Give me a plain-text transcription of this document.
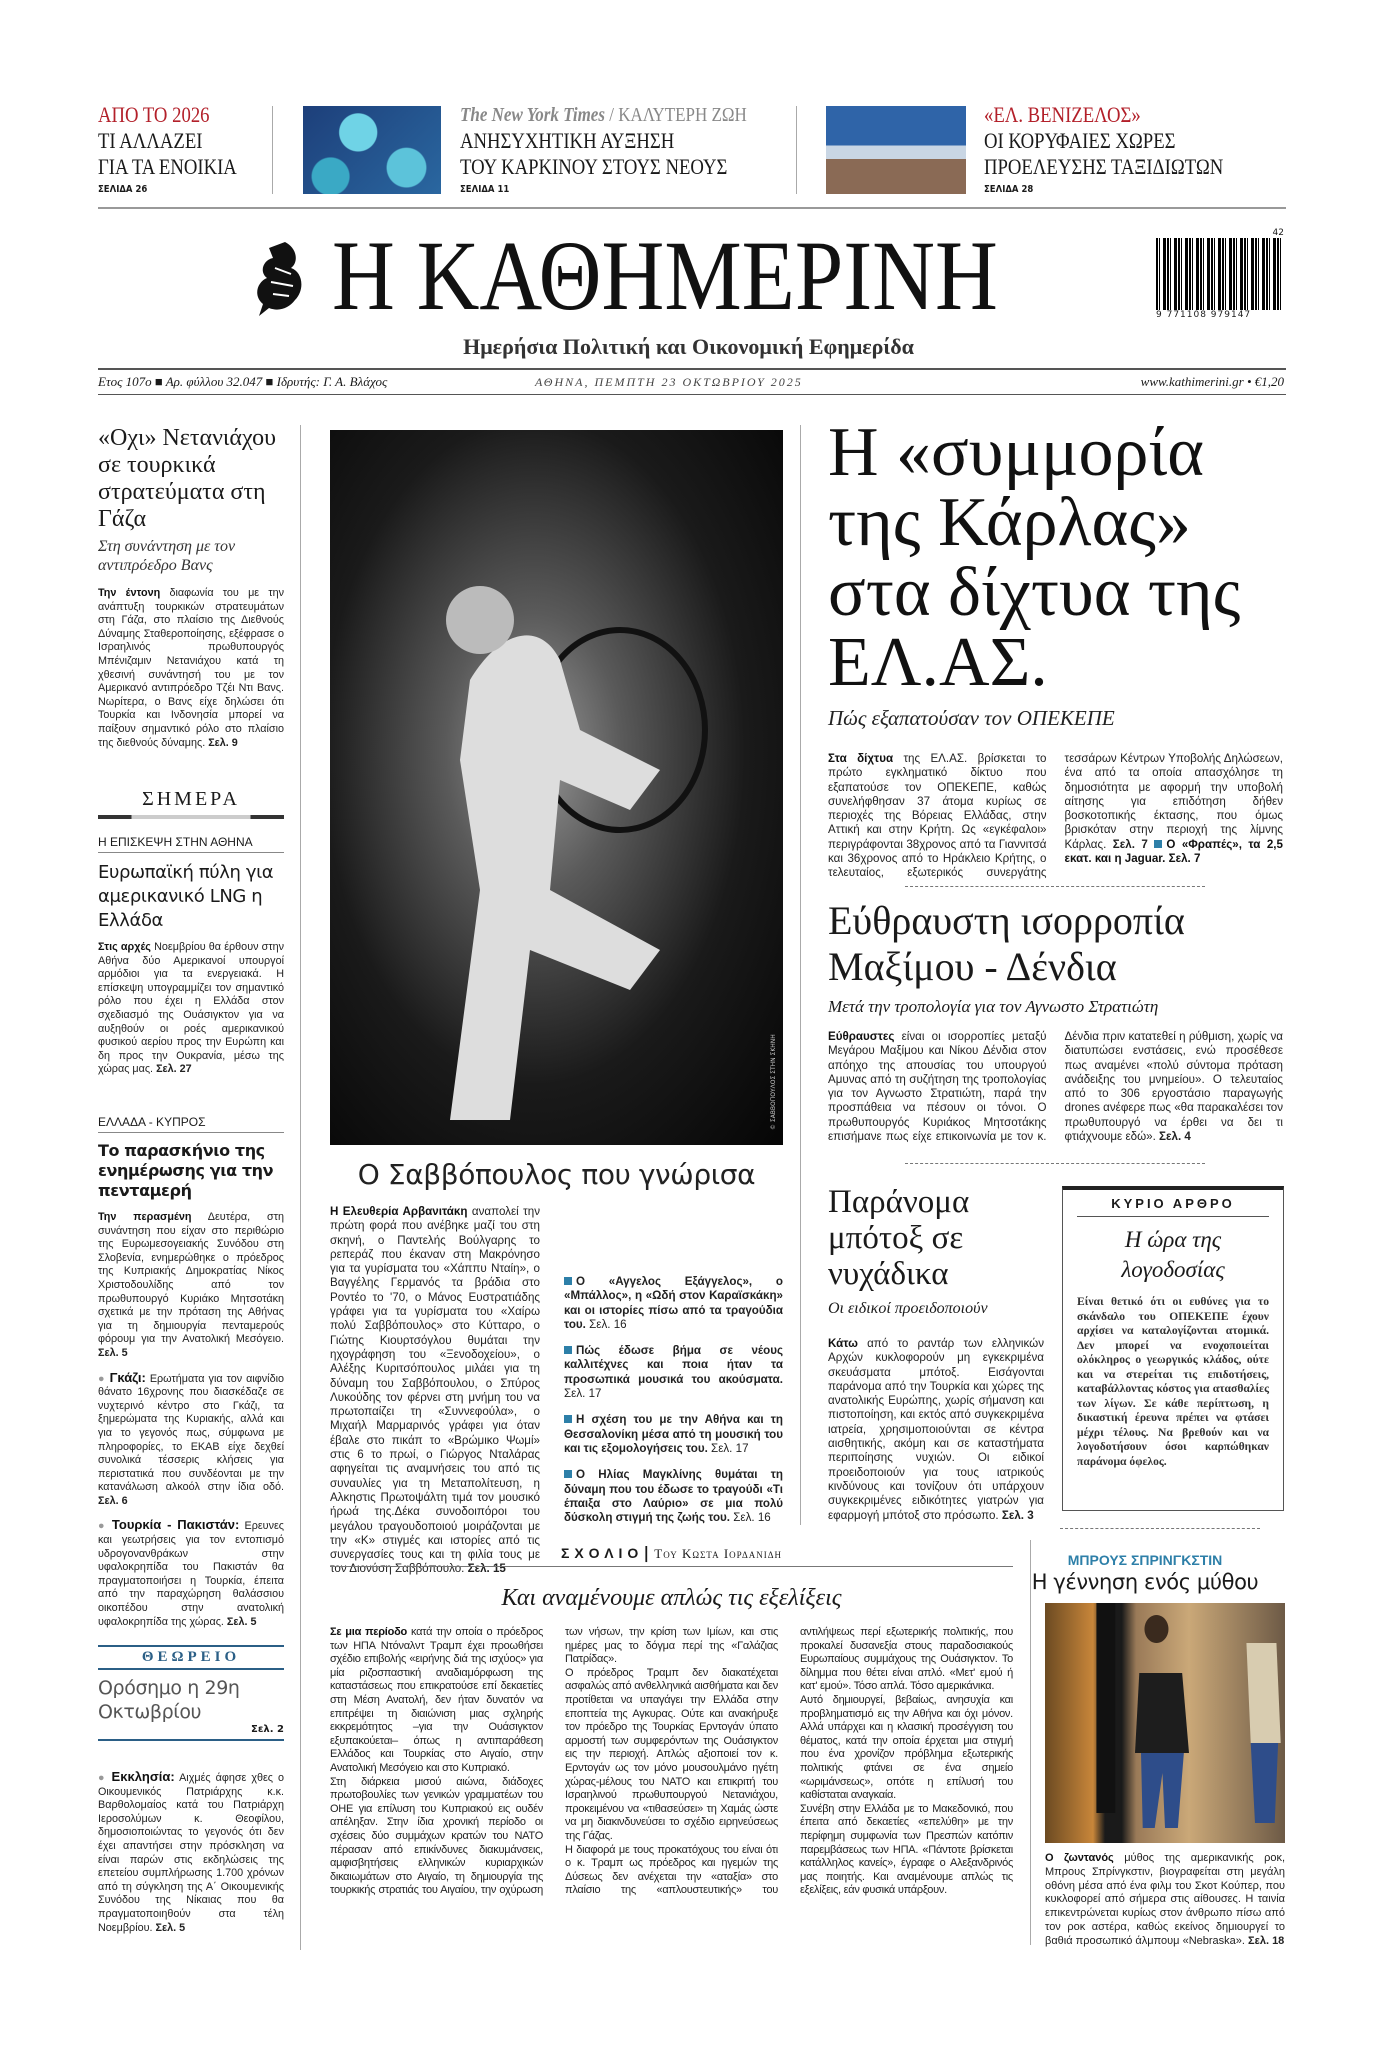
ΑΠΟ ΤΟ 2026
ΤΙ ΑΛΛΑΖΕΙ
ΓΙΑ ΤΑ ΕΝΟΙΚΙΑ
ΣΕΛΙΔΑ 26
The New York Times / ΚΑΛΥΤΕΡΗ ΖΩΗ
ΑΝΗΣΥΧΗΤΙΚΗ ΑΥΞΗΣΗ
ΤΟΥ ΚΑΡΚΙΝΟΥ ΣΤΟΥΣ ΝΕΟΥΣ
ΣΕΛΙΔΑ 11
«ΕΛ. ΒΕΝΙΖΕΛΟΣ»
ΟΙ ΚΟΡΥΦΑΙΕΣ ΧΩΡΕΣ
ΠΡΟΕΛΕΥΣΗΣ ΤΑΞΙΔΙΩΤΩΝ
ΣΕΛΙΔΑ 28
Η ΚΑΘΗΜΕΡΙΝΗ	9 771108 979147
42
Ημερήσια Πολιτική και Οικονομική Εφημερίδα
Ετος 107ο ■ Αρ. φύλλου 32.047 ■ Ιδρυτής: Γ. Α. Βλάχος	ΑΘΗΝΑ, ΠΕΜΠΤΗ 23 ΟΚΤΩΒΡΙΟΥ 2025	www.kathimerini.gr • €1,20
«Οχι» Νετανιάχου σε τουρκικά στρατεύματα στη Γάζα
Στη συνάντηση με τον αντιπρόεδρο Βανς

Την έντονη διαφωνία του με την ανάπτυξη τουρκικών στρατευμάτων στη Γάζα, στο πλαίσιο της Διεθνούς Δύναμης Σταθεροποίησης, εξέφρασε ο Ισραηλινός πρωθυπουργός Μπένιζαμιν Νετανιάχου κατά τη χθεσινή συνάντησή του με τον Αμερικανό αντιπρόεδρο Τζέι Ντι Βανς. Νωρίτερα, ο Βανς είχε δηλώσει ότι Τουρκία και Ινδονησία μπορεί να παίξουν σημαντικό ρόλο στο πλαίσιο της διεθνούς δύναμης. Σελ. 9

ΣΗΜΕΡΑ
Η ΕΠΙΣΚΕΨΗ ΣΤΗΝ ΑΘΗΝΑ
Ευρωπαϊκή πύλη για αμερικανικό LNG η Ελλάδα

Στις αρχές Νοεμβρίου θα έρθουν στην Αθήνα δύο Αμερικανοί υπουργοί αρμόδιοι για τα ενεργειακά. Η επίσκεψη υπογραμμίζει τον σημαντικό ρόλο που έχει η Ελλάδα στον σχεδιασμό της Ουάσιγκτον για να αυξηθούν οι ροές αμερικανικού φυσικού αερίου προς την Ευρώπη και δη προς την Ουκρανία, μέσω της χώρας μας. Σελ. 27

ΕΛΛΑΔΑ - ΚΥΠΡΟΣ
Το παρασκήνιο της ενημέρωσης για την πενταμερή

Την περασμένη Δευτέρα, στη συνάντηση που είχαν στο περιθώριο της Ευρωμεσογειακής Συνόδου στη Σλοβενία, ενημερώθηκε ο πρόεδρος της Κυπριακής Δημοκρατίας Νίκος Χριστοδουλίδης από τον πρωθυπουργό Κυριάκο Μητσοτάκη σχετικά με την πρόταση της Αθήνας για τη δημιουργία πενταμερούς φόρουμ για την Ανατολική Μεσόγειο. Σελ. 5

● Γκάζι: Ερωτήματα για τον αιφνίδιο θάνατο 16χρονης που διασκέδαζε σε νυχτερινό κέντρο στο Γκάζι, τα ξημερώματα της Κυριακής, αλλά και για το γεγονός πως, σύμφωνα με πληροφορίες, το ΕΚΑΒ είχε δεχθεί συνολικά τέσσερις κλήσεις για περιστατικά που συνδέονται με την κατανάλωση αλκοόλ στην ίδια οδό. Σελ. 6

● Τουρκία - Πακιστάν: Ερευνες και γεωτρήσεις για τον εντοπισμό υδρογονανθράκων στην υφαλοκρηπίδα του Πακιστάν θα πραγματοποιήσει η Τουρκία, έπειτα από την παραχώρηση θαλάσσιου οικοπέδου στην ανατολική υφαλοκρηπίδα της χώρας. Σελ. 5

ΘΕΩΡΕΙΟ
Ορόσημο η 29η Οκτωβρίου
Σελ. 2

● Εκκλησία: Αιχμές άφησε χθες ο Οικουμενικός Πατριάρχης κ.κ. Βαρθολομαίος κατά του Πατριάρχη Ιεροσολύμων κ. Θεοφίλου, δημοσιοποιώντας το γεγονός ότι δεν έχει απαντήσει στην πρόσκληση να είναι παρών στις εκδηλώσεις της επετείου συμπλήρωσης 1.700 χρόνων από τη σύγκληση της Α΄ Οικουμενικής Συνόδου της Νίκαιας που θα πραγματοποιηθούν στα τέλη Νοεμβρίου. Σελ. 5

© ΣΑΒΒΟΠΟΥΛΟΣ ΣΤΗΝ ΣΚΗΝΗ
Ο Σαββόπουλος που γνώρισα

Η Ελευθερία Αρβανιτάκη αναπολεί την πρώτη φορά που ανέβηκε μαζί του στη σκηνή, ο Παντελής Βούλγαρης το ρεπεράζ που έκαναν στη Μακρόνησο για τα γυρίσματα του «Χάππυ Νταίη», ο Βαγγέλης Γερμανός τα βράδια στο Ροντέο το '70, ο Μάνος Ευστρατιάδης γράφει για τα γυρίσματα του «Χαίρω πολύ Σαββόπουλος» στο Κύτταρο, ο Γιώτης Κιουρτσόγλου θυμάται την ηχογράφηση του «Ξενοδοχείου», ο Αλέξης Κυριτσόπουλος μιλάει για τη δύναμη του Σαββόπουλου, ο Σπύρος Λυκούδης τον φέρνει στη μνήμη του να πρωτοπαίζει τη «Συννεφούλα», ο Μιχαήλ Μαρμαρινός γράφει για όταν έβαλε στο πικάπ το «Βρώμικο Ψωμί» στις 6 το πρωί, ο Γιώργος Νταλάρας αφηγείται τις αναμνήσεις του από τις συναυλίες για τη Μεταπολίτευση, η Αλκηστις Πρωτοψάλτη τιμά τον μουσικό ήρωά της.Δέκα συνοδοιπόροι του μεγάλου τραγουδοποιού μοιράζονται με την «Κ» στιγμές και ιστορίες από τις συνεργασίες τους και τη φιλία τους με τον Διονύση Σαββόπουλο. Σελ. 15

Ο «Αγγελος Εξάγγελος», ο «Μπάλλος», η «Ωδή στον Καραϊσκάκη» και οι ιστορίες πίσω από τα τραγούδια του. Σελ. 16

Πώς έδωσε βήμα σε νέους καλλιτέχνες και ποια ήταν τα προσωπικά μουσικά του ακούσματα. Σελ. 17

Η σχέση του με την Αθήνα και τη Θεσσαλονίκη μέσα από τη μουσική του και τις εξομολογήσεις του. Σελ. 17

Ο Ηλίας Μαγκλίνης θυμάται τη δύναμη που του έδωσε το τραγούδι «Τι έπαιξα στο Λαύριο» σε μια πολύ δύσκολη στιγμή της ζωής του. Σελ. 16

Η «συμμορία της Κάρλας» στα δίχτυα της ΕΛ.ΑΣ.
Πώς εξαπατούσαν τον ΟΠΕΚΕΠΕ

Στα δίχτυα της ΕΛ.ΑΣ. βρίσκεται το πρώτο εγκληματικό δίκτυο που εξαπατούσε τον ΟΠΕΚΕΠΕ, καθώς συνελήφθησαν 37 άτομα κυρίως σε περιοχές της Βόρειας Ελλάδας, στην Αττική και στην Κρήτη. Ως «εγκέφαλοι» περιγράφονται 38χρονος από τα Γιαννιτσά και 36χρονος από το Ηράκλειο Κρήτης, ο τελευταίος, εξωτερικός συνεργάτης τεσσάρων Κέντρων Υποβολής Δηλώσεων, ένα από τα οποία απασχόλησε τη δημοσιότητα με αφορμή την υποβολή αίτησης για επιδότηση δήθεν βοσκοτοπικής έκτασης, που όμως βρισκόταν στην περιοχή της λίμνης Κάρλας. Σελ. 7 Ο «Φραπές», τα 2,5 εκατ. και η Jaguar. Σελ. 7

Εύθραυστη ισορροπία Μαξίμου - Δένδια
Μετά την τροπολογία για τον Αγνωστο Στρατιώτη

Εύθραυστες είναι οι ισορροπίες μεταξύ Μεγάρου Μαξίμου και Νίκου Δένδια στον απόηχο της απουσίας του υπουργού Αμυνας από τη συζήτηση της τροπολογίας για τον Αγνωστο Στρατιώτη, παρά την προσπάθεια να πέσουν οι τόνοι. Ο πρωθυπουργός Κυριάκος Μητσοτάκης επισήμανε πως είχε επικοινωνία με τον κ. Δένδια πριν κατατεθεί η ρύθμιση, χωρίς να διατυπώσει ενστάσεις, ενώ προσέθεσε πως αναμένει «πολύ σύντομα πρόταση ανάδειξης του μνημείου». Ο τελευταίος από το 306 εργοστάσιο παραγωγής drones ανέφερε πως «θα παρακαλέσει τον πρωθυπουργό να έρθει να δει τι φτιάχνουμε εδώ». Σελ. 4

Παράνομα μπότοξ σε νυχάδικα
Οι ειδικοί προειδοποιούν

Κάτω από το ραντάρ των ελληνικών Αρχών κυκλοφορούν μη εγκεκριμένα σκευάσματα μπότοξ. Εισάγονται παράνομα από την Τουρκία και χώρες της ανατολικής Ευρώπης, χωρίς σήμανση και πιστοποίηση, και εκτός από συγκεκριμένα ιατρεία, χρησιμοποιούνται σε κέντρα αισθητικής, ακόμη και σε καταστήματα περιποίησης νυχιών. Οι ειδικοί προειδοποιούν για τους ιατρικούς κινδύνους και τονίζουν ότι υπάρχουν συγκεκριμένες ειδικότητες γιατρών για εφαρμογή μπότοξ στο πρόσωπο. Σελ. 3

ΚΥΡΙΟ ΑΡΘΡΟ
Η ώρα της λογοδοσίας

Είναι θετικό ότι οι ευθύνες για το σκάνδαλο του ΟΠΕΚΕΠΕ έχουν αρχίσει να καταλογίζονται ατομικά. Δεν μπορεί να ενοχοποιείται ολόκληρος ο γεωργικός κλάδος, ούτε και να στερείται τις επιδοτήσεις, καταβάλλοντας κόστος για ατασθαλίες των λίγων. Σε κάθε περίπτωση, η δικαστική έρευνα πρέπει να φτάσει μέχρι τέλους. Να βρεθούν και να λογοδοτήσουν όσοι καρπώθηκαν παράνομα όφελος.

ΣΧΟΛΙΟ| Του Κωστα Ιορδανιδη
Και αναμένουμε απλώς τις εξελίξεις

Σε μια περίοδο κατά την οποία ο πρόεδρος των ΗΠΑ Ντόναλντ Τραμπ έχει προωθήσει σχέδιο επιβολής «ειρήνης διά της ισχύος» για μία ριζοσπαστική αναδιαμόρφωση της καταστάσεως που επικρατούσε επί δεκαετίες στη Μέση Ανατολή, δεν ήταν δυνατόν να επιτρέψει τη διαιώνιση μιας σχληρής εκκρεμότητος –για την Ουάσιγκτον εξυπακούεται– όπως η αντιπαράθεση Ελλάδος και Τουρκίας στο Αιγαίο, στην Ανατολική Μεσόγειο και στο Κυπριακό.
Στη διάρκεια μισού αιώνα, διάδοχες πρωτοβουλίες των γενικών γραμματέων του ΟΗΕ για επίλυση του Κυπριακού εις ουδέν απέληξαν. Στην ίδια χρονική περίοδο οι σχέσεις δύο συμμάχων κρατών του ΝΑΤΟ πέρασαν από επικίνδυνες διακυμάνσεις, αμφισβητήσεις ελληνικών κυριαρχικών δικαιωμάτων στο Αιγαίο, τη δημιουργία της τουρκικής στρατιάς του Αιγαίου, την οχύρωση των νήσων, την κρίση των Ιμίων, και στις ημέρες μας το δόγμα περί της «Γαλάζιας Πατρίδας».
Ο πρόεδρος Τραμπ δεν διακατέχεται ασφαλώς από ανθελληνικά αισθήματα και δεν προτίθεται να υπαγάγει την Ελλάδα στην εποπτεία της Αγκυρας. Ούτε και ανακήρυξε τον πρόεδρο της Τουρκίας Ερντογάν ύπατο αρμοστή των συμφερόντων της Ουάσιγκτον εις την περιοχή. Απλώς αξιοποιεί τον κ. Ερντογάν ως τον μόνο μουσουλμάνο ηγέτη χώρας-μέλους του ΝΑΤΟ και επικριτή του Ισραηλινού πρωθυπουργού Νετανιάχου, προκειμένου να «τιθασεύσει» τη Χαμάς ώστε να μη διακινδυνεύσει το σχέδιο ειρηνεύσεως της Γάζας.
Η διαφορά με τους προκατόχους του είναι ότι ο κ. Τραμπ ως πρόεδρος και ηγεμών της Δύσεως δεν ανέχεται την «αταξία» στο πλαίσιο της «απλουστευτικής» του αντιλήψεως περί εξωτερικής πολιτικής, που προκαλεί δυσανεξία στους παραδοσιακούς Ευρωπαίους συμμάχους της Ουάσιγκτον. Το δίλημμα που θέτει είναι απλό. «Μετ' εμού ή κατ' εμού». Τόσο απλά. Τόσο αμερικάνικα.
Αυτό δημιουργεί, βεβαίως, ανησυχία και προβληματισμό εις την Αθήνα και όχι μόνον. Αλλά υπάρχει και η κλασική προσέγγιση του θέματος, κατά την οποία έρχεται μια στιγμή που ένα χρονίζον πρόβλημα εξωτερικής πολιτικής φτάνει σε ένα σημείο «ωριμάνσεως», οπότε η επίλυσή του καθίσταται αναγκαία.
Συνέβη στην Ελλάδα με το Μακεδονικό, που έπειτα από δεκαετίες «επελύθη» με την περίφημη συμφωνία των Πρεσπών κατόπιν παρεμβάσεως των ΗΠΑ. «Πάντοτε βρίσκεται κατάλληλος κανείς», έγραφε ο Αλεξανδρινός μας ποιητής. Και αναμένουμε απλώς τις εξελίξεις, εάν φυσικά υπάρξουν.

ΜΠΡΟΥΣ ΣΠΡΙΝΓΚΣΤΙΝ
Η γέννηση ενός μύθου

Ο ζωντανός μύθος της αμερικανικής ροκ, Μπρους Σπρίνγκστιν, βιογραφείται στη μεγάλη οθόνη μέσα από ένα φιλμ του Σκοτ Κούπερ, που κυκλοφορεί από σήμερα στις αίθουσες. Η ταινία επικεντρώνεται κυρίως στον άνθρωπο πίσω από τον ροκ αστέρα, καθώς εκείνος δημιουργεί το βαθιά προσωπικό άλμπουμ «Nebraska». Σελ. 18
